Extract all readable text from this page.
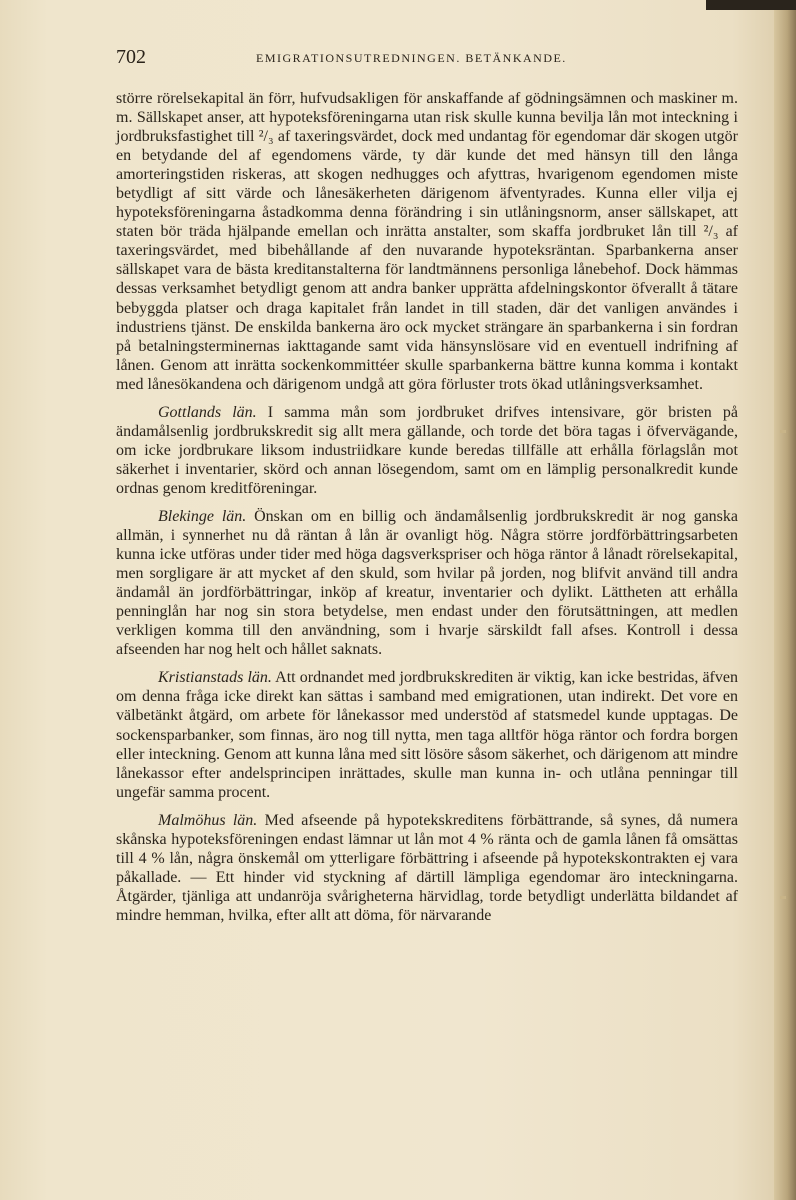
702	EMIGRATIONSUTREDNINGEN. BETÄNKANDE.

större rörelsekapital än förr, hufvudsakligen för anskaffande af gödningsämnen och maskiner m. m. Sällskapet anser, att hypoteksföreningarna utan risk skulle kunna bevilja lån mot inteckning i jordbruksfastighet till ²/₃ af taxeringsvärdet, dock med undantag för egendomar där skogen utgör en betydande del af egendomens värde, ty där kunde det med hänsyn till den långa amorteringstiden riskeras, att skogen nedhugges och afyttras, hvarigenom egendomen miste betydligt af sitt värde och lånesäkerheten därigenom äfventyrades. Kunna eller vilja ej hypoteksföreningarna åstadkomma denna förändring i sin utlåningsnorm, anser sällskapet, att staten bör träda hjälpande emellan och inrätta anstalter, som skaffa jordbruket lån till ²/₃ af taxeringsvärdet, med bibehållande af den nuvarande hypoteksräntan. Sparbankerna anser sällskapet vara de bästa kreditanstalterna för landtmännens personliga lånebehof. Dock hämmas dessas verksamhet betydligt genom att andra banker upprätta afdelningskontor öfverallt å tätare bebyggda platser och draga kapitalet från landet in till staden, där det vanligen användes i industriens tjänst. De enskilda bankerna äro ock mycket strängare än sparbankerna i sin fordran på betalningsterminernas iakttagande samt vida hänsynslösare vid en eventuell indrifning af lånen. Genom att inrätta sockenkommittéer skulle sparbankerna bättre kunna komma i kontakt med lånesökandena och därigenom undgå att göra förluster trots ökad utlåningsverksamhet.

Gottlands län. I samma mån som jordbruket drifves intensivare, gör bristen på ändamålsenlig jordbrukskredit sig allt mera gällande, och torde det böra tagas i öfvervägande, om icke jordbrukare liksom industriidkare kunde beredas tillfälle att erhålla förlagslån mot säkerhet i inventarier, skörd och annan lösegendom, samt om en lämplig personalkredit kunde ordnas genom kreditföreningar.

Blekinge län. Önskan om en billig och ändamålsenlig jordbrukskredit är nog ganska allmän, i synnerhet nu då räntan å lån är ovanligt hög. Några större jordförbättringsarbeten kunna icke utföras under tider med höga dagsverkspriser och höga räntor å lånadt rörelsekapital, men sorgligare är att mycket af den skuld, som hvilar på jorden, nog blifvit använd till andra ändamål än jordförbättringar, inköp af kreatur, inventarier och dylikt. Lättheten att erhålla penninglån har nog sin stora betydelse, men endast under den förutsättningen, att medlen verkligen komma till den användning, som i hvarje särskildt fall afses. Kontroll i dessa afseenden har nog helt och hållet saknats.

Kristianstads län. Att ordnandet med jordbrukskrediten är viktig, kan icke bestridas, äfven om denna fråga icke direkt kan sättas i samband med emigrationen, utan indirekt. Det vore en välbetänkt åtgärd, om arbete för lånekassor med understöd af statsmedel kunde upptagas. De sockensparbanker, som finnas, äro nog till nytta, men taga alltför höga räntor och fordra borgen eller inteckning. Genom att kunna låna med sitt lösöre såsom säkerhet, och därigenom att mindre lånekassor efter andelsprincipen inrättades, skulle man kunna in- och utlåna penningar till ungefär samma procent.

Malmöhus län. Med afseende på hypotekskreditens förbättrande, så synes, då numera skånska hypoteksföreningen endast lämnar ut lån mot 4 % ränta och de gamla lånen få omsättas till 4 % lån, några önskemål om ytterligare förbättring i afseende på hypotekskontrakten ej vara påkallade. — Ett hinder vid styckning af därtill lämpliga egendomar äro inteckningarna. Åtgärder, tjänliga att undanröja svårigheterna härvidlag, torde betydligt underlätta bildandet af mindre hemman, hvilka, efter allt att döma, för närvarande
